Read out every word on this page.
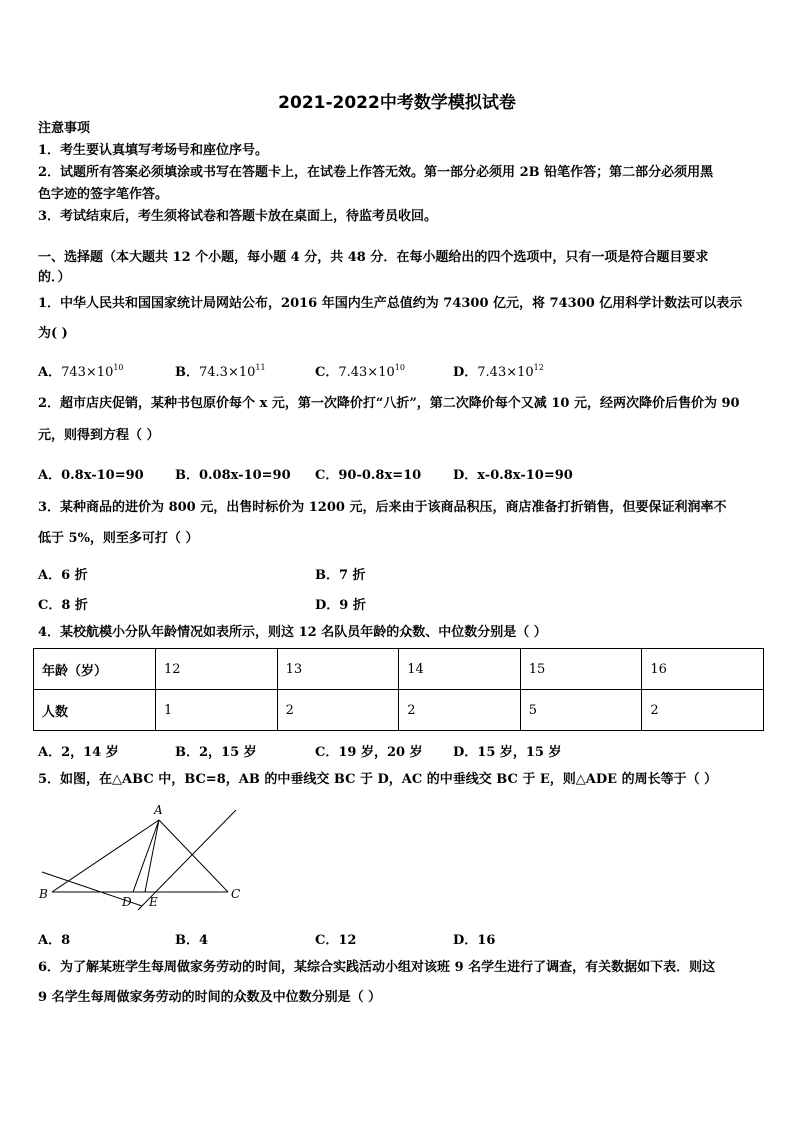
2021-2022中考数学模拟试卷
注意事项
1．考生要认真填写考场号和座位序号。
2．试题所有答案必须填涂或书写在答题卡上，在试卷上作答无效。第一部分必须用 2B 铅笔作答；第二部分必须用黑
色字迹的签字笔作答。
3．考试结束后，考生须将试卷和答题卡放在桌面上，待监考员收回。
一、选择题（本大题共 12 个小题，每小题 4 分，共 48 分．在每小题给出的四个选项中，只有一项是符合题目要求
的．）
1．中华人民共和国国家统计局网站公布，2016 年国内生产总值约为 74300 亿元，将 74300 亿用科学计数法可以表示
为( )
A．$743\times 10^{10}$	B．$74.3\times 10^{11}$	C．$7.43\times 10^{10}$	D．$7.43\times 10^{12}$
2．超市店庆促销，某种书包原价每个 x 元，第一次降价打“八折”，第二次降价每个又减 10 元，经两次降价后售价为 90
元，则得到方程（ ）
A．0.8x-10=90 B．0.08x-10=90 C．90-0.8x=10 D．x-0.8x-10=90
3．某种商品的进价为 800 元，出售时标价为 1200 元，后来由于该商品积压，商店准备打折销售，但要保证利润率不
低于 5%，则至多可打（ ）
A．6 折	B．7 折
C．8 折	D．9 折
4．某校航模小分队年龄情况如表所示，则这 12 名队员年龄的众数、中位数分别是（ ）
年龄（岁）	12	13	14	15	16
人数	1	2	2	5	2
A．2，14 岁	B．2，15 岁	C．19 岁，20 岁 D．15 岁，15 岁
5．如图，在△ABC 中，BC=8，AB 的中垂线交 BC 于 D，AC 的中垂线交 BC 于 E，则△ADE 的周长等于（ ）
A
B	C
D E
A．8	B．4	C．12	D．16
6．为了解某班学生每周做家务劳动的时间，某综合实践活动小组对该班 9 名学生进行了调查，有关数据如下表．则这
9 名学生每周做家务劳动的时间的众数及中位数分别是（ ）
